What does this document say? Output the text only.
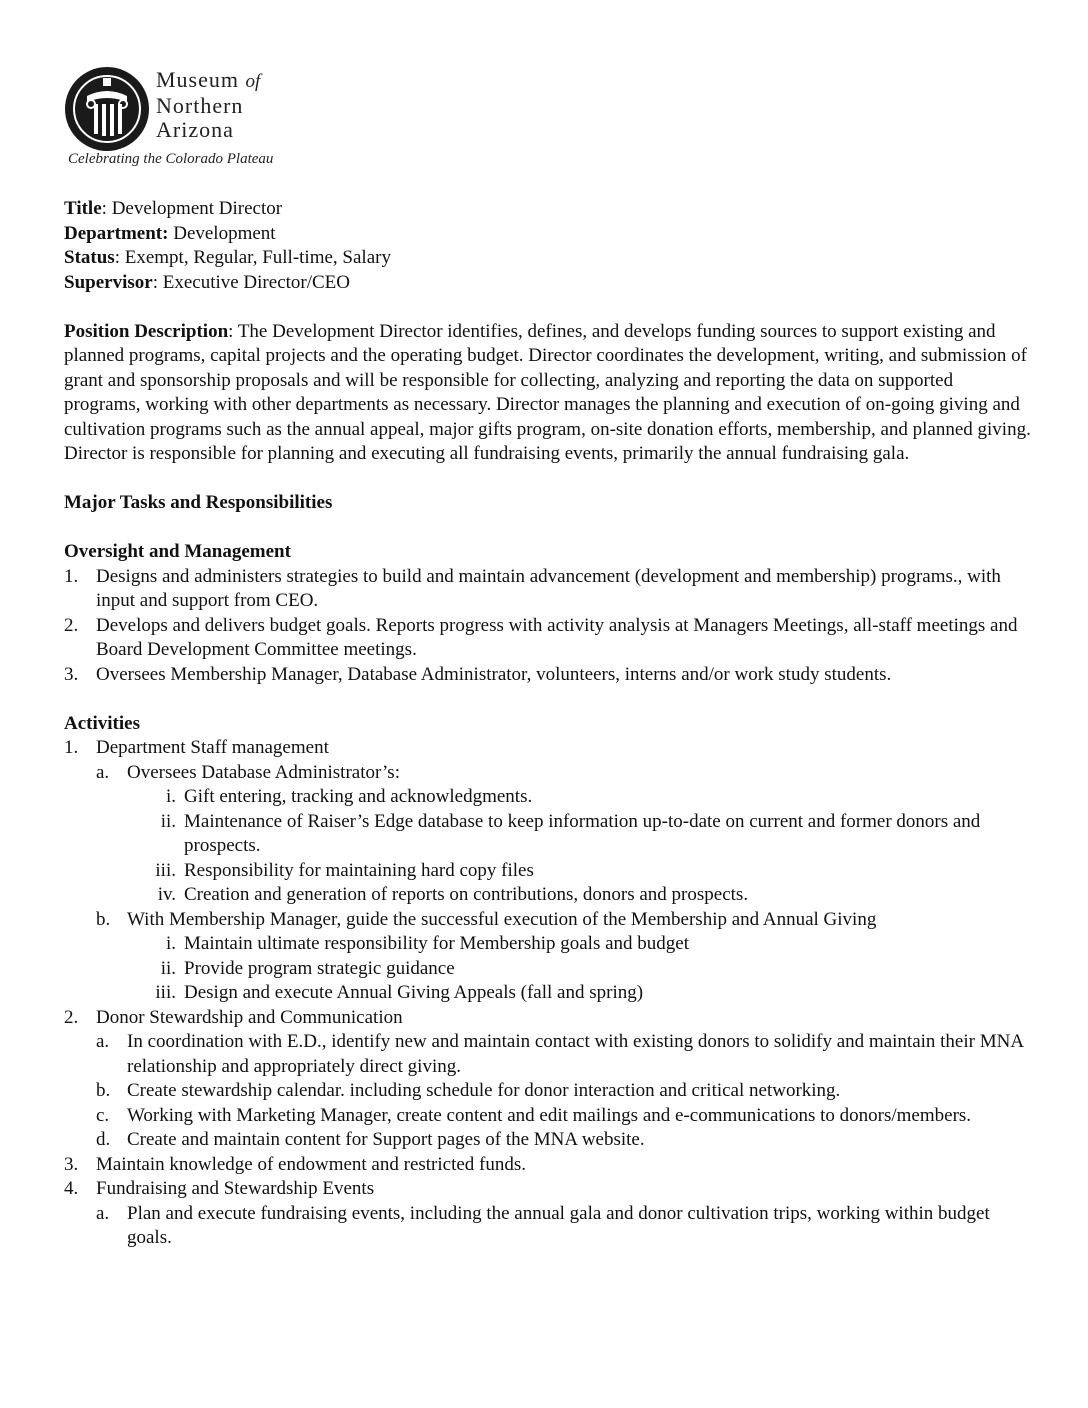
Museum of
Northern
Arizona
Celebrating the Colorado Plateau

Title: Development Director

Department: Development

Status: Exempt, Regular, Full-time, Salary

Supervisor: Executive Director/CEO

Position Description: The Development Director identifies, defines, and develops funding sources to support existing and planned programs, capital projects and the operating budget. Director coordinates the development, writing, and submission of grant and sponsorship proposals and will be responsible for collecting, analyzing and reporting the data on supported programs, working with other departments as necessary. Director manages the planning and execution of on-going giving and cultivation programs such as the annual appeal, major gifts program, on-site donation efforts, membership, and planned giving. Director is responsible for planning and executing all fundraising events, primarily the annual fundraising gala.

Major Tasks and Responsibilities

Oversight and Management

1. Designs and administers strategies to build and maintain advancement (development and membership) programs., with input and support from CEO.
2. Develops and delivers budget goals. Reports progress with activity analysis at Managers Meetings, all-staff meetings and Board Development Committee meetings.
3. Oversees Membership Manager, Database Administrator, volunteers, interns and/or work study students.

Activities

1. Department Staff management
a. Oversees Database Administrator’s:
i. Gift entering, tracking and acknowledgments.
ii. Maintenance of Raiser’s Edge database to keep information up-to-date on current and former donors and prospects.
iii. Responsibility for maintaining hard copy files
iv. Creation and generation of reports on contributions, donors and prospects.
b. With Membership Manager, guide the successful execution of the Membership and Annual Giving
i. Maintain ultimate responsibility for Membership goals and budget
ii. Provide program strategic guidance
iii. Design and execute Annual Giving Appeals (fall and spring)
2. Donor Stewardship and Communication
a. In coordination with E.D., identify new and maintain contact with existing donors to solidify and maintain their MNA relationship and appropriately direct giving.
b. Create stewardship calendar. including schedule for donor interaction and critical networking.
c. Working with Marketing Manager, create content and edit mailings and e-communications to donors/members.
d. Create and maintain content for Support pages of the MNA website.
3. Maintain knowledge of endowment and restricted funds.
4. Fundraising and Stewardship Events
a. Plan and execute fundraising events, including the annual gala and donor cultivation trips, working within budget goals.
